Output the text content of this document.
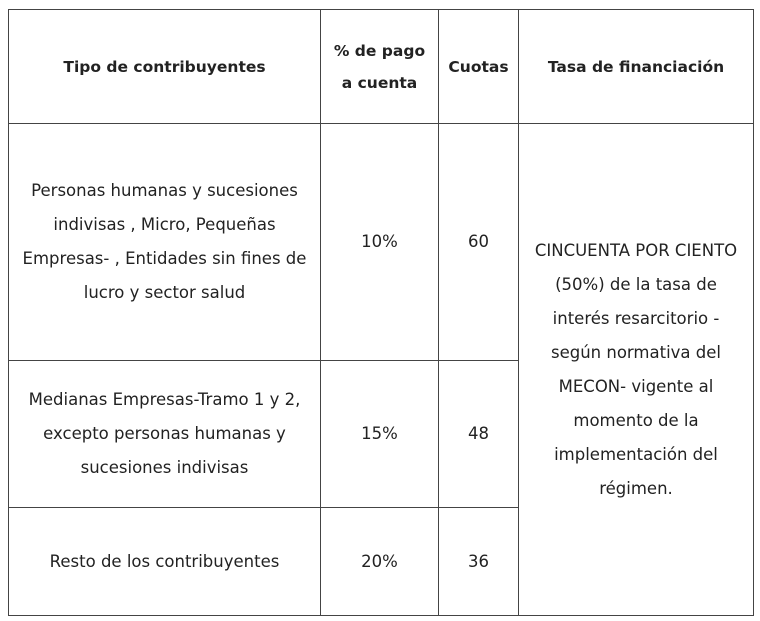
Tipo de contribuyentes	% de pago a cuenta	Cuotas	Tasa de financiación
Personas humanas y sucesiones indivisas , Micro, Pequeñas Empresas- , Entidades sin fines de lucro y sector salud	10%	60	CINCUENTA POR CIENTO (50%) de la tasa de interés resarcitorio - según normativa del MECON- vigente al momento de la implementación del régimen.
Medianas Empresas-Tramo 1 y 2, excepto personas humanas y sucesiones indivisas	15%	48	
Resto de los contribuyentes	20%	36	
